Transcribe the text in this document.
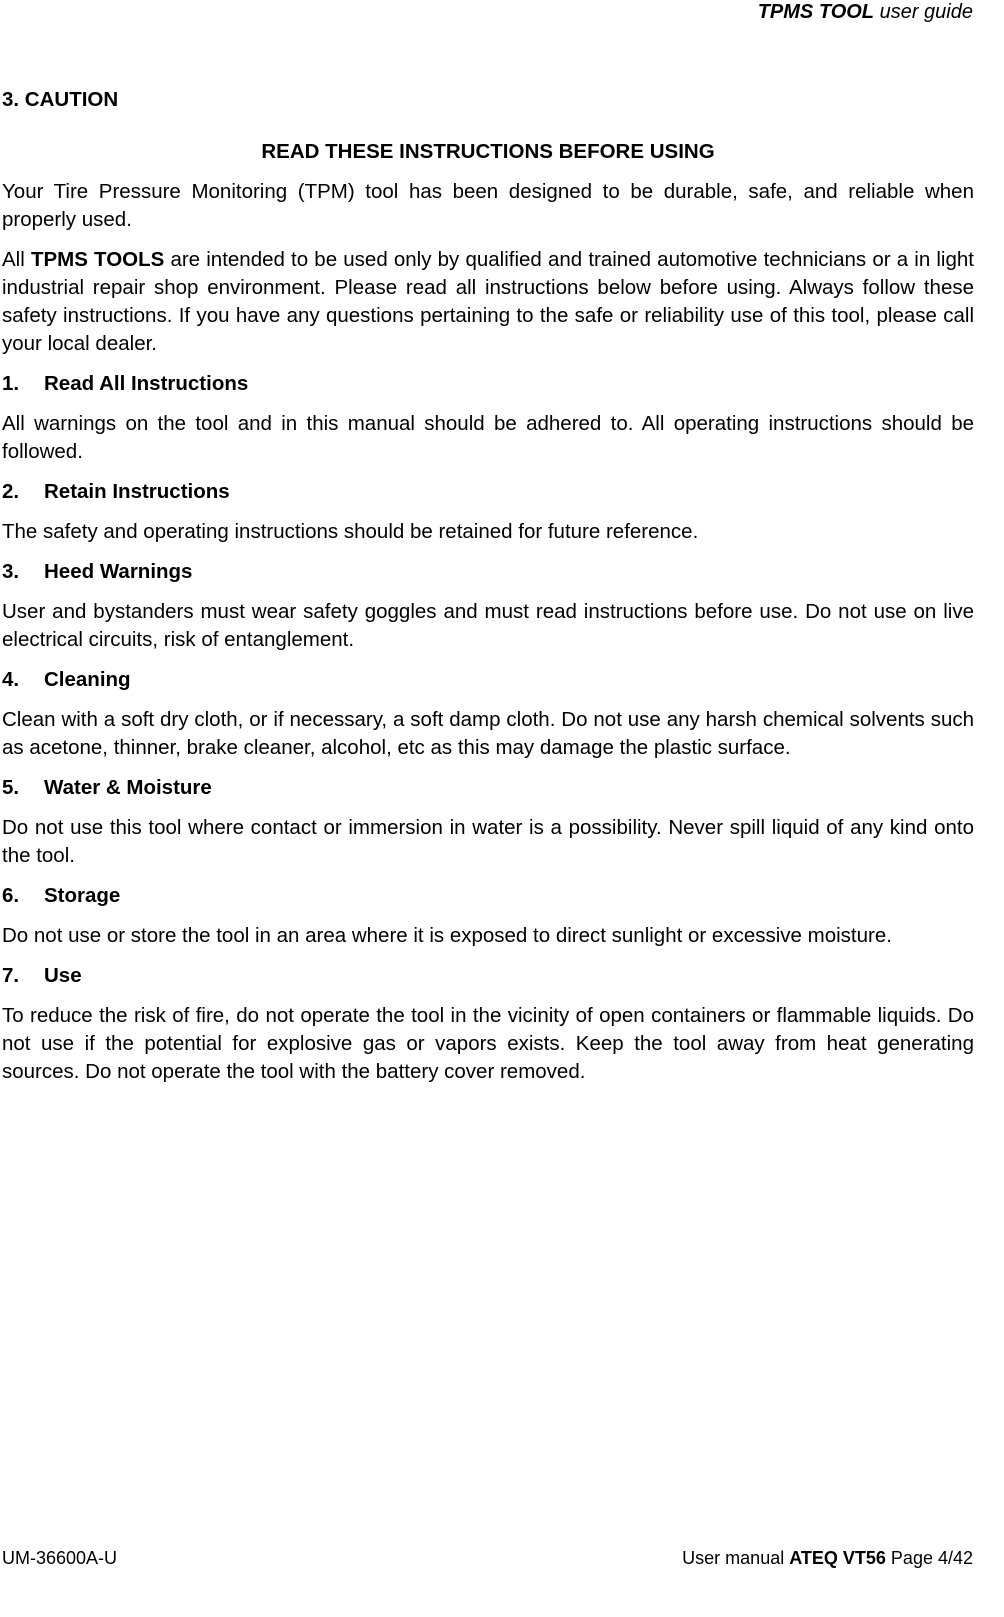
TPMS TOOL user guide
3. CAUTION
READ THESE INSTRUCTIONS BEFORE USING

Your Tire Pressure Monitoring (TPM) tool has been designed to be durable, safe, and reliable when properly used.

All TPMS TOOLS are intended to be used only by qualified and trained automotive technicians or a in light industrial repair shop environment. Please read all instructions below before using. Always follow these safety instructions. If you have any questions pertaining to the safe or reliability use of this tool, please call your local dealer.

1.	Read All Instructions

All warnings on the tool and in this manual should be adhered to. All operating instructions should be followed.

2.	Retain Instructions

The safety and operating instructions should be retained for future reference.

3.	Heed Warnings

User and bystanders must wear safety goggles and must read instructions before use. Do not use on live electrical circuits, risk of entanglement.

4.	Cleaning

Clean with a soft dry cloth, or if necessary, a soft damp cloth. Do not use any harsh chemical solvents such as acetone, thinner, brake cleaner, alcohol, etc as this may damage the plastic surface.

5.	Water & Moisture

Do not use this tool where contact or immersion in water is a possibility. Never spill liquid of any kind onto the tool.

6.	Storage

Do not use or store the tool in an area where it is exposed to direct sunlight or excessive moisture.

7.	Use

To reduce the risk of fire, do not operate the tool in the vicinity of open containers or flammable liquids. Do not use if the potential for explosive gas or vapors exists. Keep the tool away from heat generating sources. Do not operate the tool with the battery cover removed.

UM-36600A-U	User manual ATEQ VT56 Page 4/42
